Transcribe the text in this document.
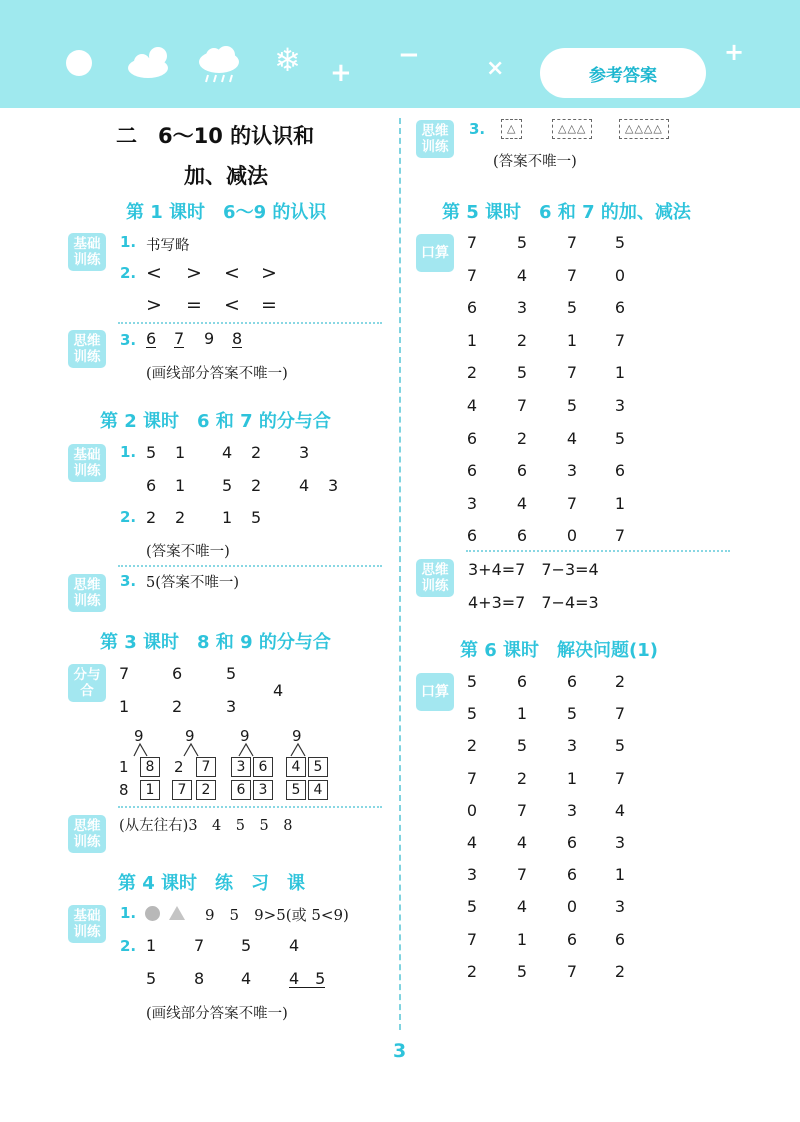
❄ +
−	×
+
参考答案
二　6～10 的认识和
加、减法
第 1 课时　6～9 的认识
基础
训练
1. 书写略
2. < > < >
> = < =
思维
训练
3. 6 7 9 8
(画线部分答案不唯一)
第 2 课时　6 和 7 的分与合
基础
训练
1. 5 1 4 2 3
6 1 5 2 4 3
2. 2 2 1 5
(答案不唯一)
思维
训练
3. 5(答案不唯一)
第 3 课时　8 和 9 的分与合
分与
合
7	6	5
4
1	2	3
9	9	9	9
1	8	2	7	3 6	4 5
8	1	7	2	6 3	5 4
思维
训练
(从左往右)3　4　5　5　8
第 4 课时　练　习　课
基础
训练
1.	9　5　9>5(或 5<9)
2. 1 7 5 4
5 8 4 4　5
(画线部分答案不唯一)
思维
训练
3.	△	△△△	△△△△
(答案不唯一)
第 5 课时　6 和 7 的加、减法
口算
7	5	7	5
7	4	7	0
6	3	5	6
1	2	1	7
2	5	7	1
4	7	5	3
6	2	4	5
6	6	3	6
3	4	7	1
6	6	0	7
思维
训练
3+4=7　7−3=4
4+3=7　7−4=3
第 6 课时　解决问题(1)
口算
5	6	6	2
5	1	5	7
2	5	3	5
7	2	1	7
0	7	3	4
4	4	6	3
3	7	6	1
5	4	0	3
7	1	6	6
2	5	7	2
3
